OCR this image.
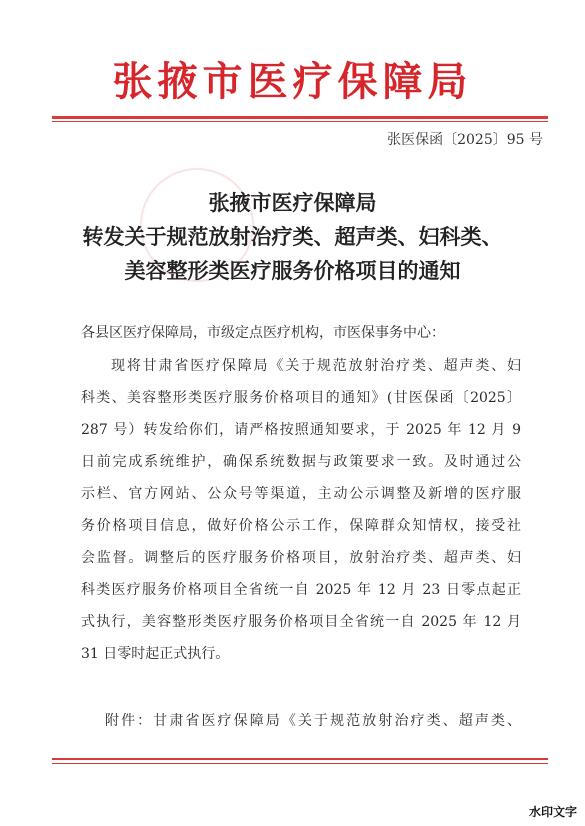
张掖市医疗保障局
张医保函〔2025〕95 号
张掖市医疗保障局
转发关于规范放射治疗类、超声类、妇科类、
美容整形类医疗服务价格项目的通知
各县区医疗保障局，市级定点医疗机构，市医保事务中心：
现将甘肃省医疗保障局《关于规范放射治疗类、超声类、妇
科类、美容整形类医疗服务价格项目的通知》(甘医保函〔2025〕
287 号）转发给你们，请严格按照通知要求，于 2025 年 12 月 9
日前完成系统维护，确保系统数据与政策要求一致。及时通过公
示栏、官方网站、公众号等渠道，主动公示调整及新增的医疗服
务价格项目信息，做好价格公示工作，保障群众知情权，接受社
会监督。调整后的医疗服务价格项目，放射治疗类、超声类、妇
科类医疗服务价格项目全省统一自 2025 年 12 月 23 日零点起正
式执行，美容整形类医疗服务价格项目全省统一自 2025 年 12 月
31 日零时起正式执行。
附件：甘肃省医疗保障局《关于规范放射治疗类、超声类、
水印文字
